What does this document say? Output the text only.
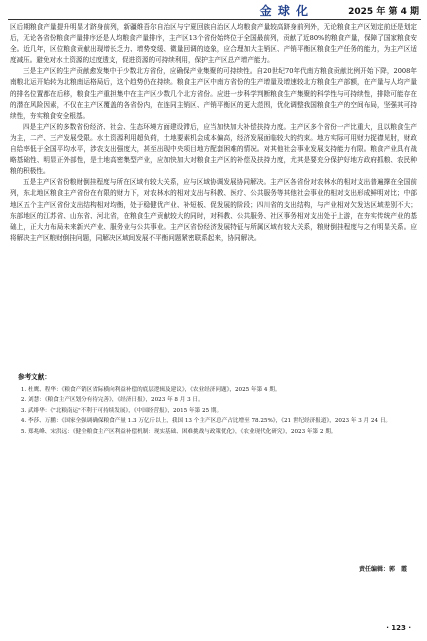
金 球 化	2025 年 第 4 期

区后期粮食产量提升明显才跻身前列，新疆维吾尔自治区与宁夏回族自治区人均粮食产量较高跻身前列外，无论粮食主产区划定前还是划定后，无论各省份粮食产量排序还是人均粮食产量排序，主产区13个省份始终位于全国最前列，贡献了近80%的粮食产量，保障了国家粮食安全。近几年，区位粮食贡献出现增长乏力、增势变缓、微量回调的迹象，应合理加大主销区、产销平衡区粮食生产任务的能力，为主产区适度减压。避免对水土资源的过度透支，促进资源的可持续利用，保护主产区总产增产能力。

三是主产区的生产贡献愈发集中于少数北方省份，应确保产业集聚的可持续性。自20世纪70年代南方粮食贡献比例开始下降，2008年南粮北运开始转为北粮南运格局后，这个趋势仍在持续。粮食主产区中南方省份的生产增量及增速较北方粮食生产部额，在产量与人均产量的排名位置都在后移，粮食生产重担集中在主产区少数几个北方省份。应进一步科学判断粮食生产集聚的科学性与可持续性，排除可能存在的潜在风险因素，不仅在主产区覆盖的各省份内，在连同主销区、产销平衡区的更大范围，优化调整我国粮食生产的空间布局，坚强其可持续性，夯实粮食安全根基。

四是主产区的多数省份经济、社会、生态环境方面建设滞后，应当加快加大补偿扶持力度。主产区多个省份一产比重大，且以粮食生产为主，二产、三产发展受限。水土资源利用超负荷，土地要素机会成本偏高，经济发展面临较大的约束。地方实际可用财力捉襟见肘，财政自给率低于全国平均水平，涉农支出强度大，甚至出现中央项目地方配套困难的情况。对其他社会事业发展支持能力有限。粮食产业具有战略基础性、明显正外部性，是土地高密集型产业，应加快加大对粮食主产区的补偿及扶持力度，尤其是要充分保护好地方政府抓粮、农民种粮的积极性。

五是主产区省份粮财倒挂程度与所在区域有较大关系，应与区域协调发展协同解决。主产区各省份对农林水的相对支出普遍撑在全国前列，东北地区粮食主产省份在有限的财力下，对农林水的相对支出与科教、医疗、公共服务等其他社会事业的相对支出形成鲜明对比；中部地区五个主产区省份支出结构相对均衡，处于稳健优产业、补短板、促发展的阶段；四川省的支出结构，与产业相对欠发达区域差别不大；东部地区的江苏省、山东省、河北省，在粮食生产贡献较大的同时，对科教、公共服务、社区事务相对支出处于上游，在夯实传统产业的基础上，正大力布局未来新兴产业、服务业与公共事业。主产区省份经济发展特征与所属区域有较大关系，粮财倒挂程度与之有明显关系。应将解决主产区粮财倒挂问题，同解决区域间发展不平衡问题紧密联系起来，协同解决。

参考文献：
1. 杜鹰、程华：《粮食产销区省际横向利益补偿的底层逻辑及建议》，《农业经济问题》，2025 年第 4 期。
2. 刘慧：《粮食主产区划分有待完善》，《经济日报》，2023 年 8 月 3 日。
3. 武绯华：《"北粮南运"不利于可持续发展》，《中国经营报》，2015 年第 25 期。
4. 李莎、万鹏：《国家全强调确保粮食产量 1.3 万亿斤以上，我国 13 个主产区总产占比增至 78.25%》，《21 世纪经济报道》，2023 年 3 月 24 日。
5. 郑兆峰、宋洪远：《健全粮食主产区利益补偿机制：现实基础、困难挑战与政策优化》，《农业现代化研究》，2023 年第 2 期。
责任编辑：郭　霞
· 123 ·
